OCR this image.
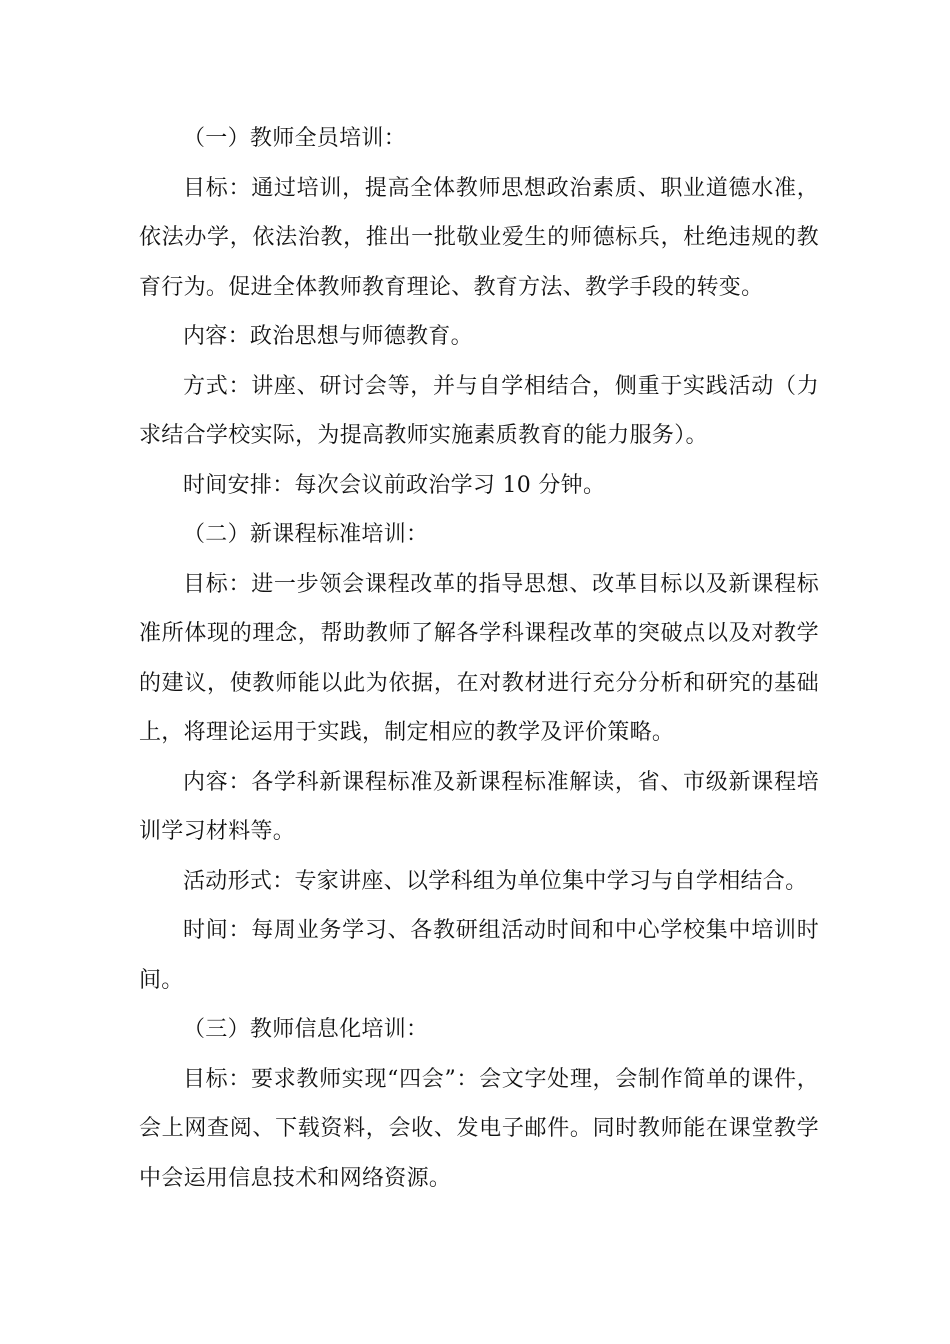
（一）教师全员培训：

目标：通过培训，提高全体教师思想政治素质、职业道德水准，依法办学，依法治教，推出一批敬业爱生的师德标兵，杜绝违规的教育行为。促进全体教师教育理论、教育方法、教学手段的转变。

内容：政治思想与师德教育。

方式：讲座、研讨会等，并与自学相结合，侧重于实践活动（力求结合学校实际，为提高教师实施素质教育的能力服务）。

时间安排：每次会议前政治学习 10 分钟。

（二）新课程标准培训：

目标：进一步领会课程改革的指导思想、改革目标以及新课程标准所体现的理念，帮助教师了解各学科课程改革的突破点以及对教学的建议，使教师能以此为依据，在对教材进行充分分析和研究的基础上，将理论运用于实践，制定相应的教学及评价策略。

内容：各学科新课程标准及新课程标准解读，省、市级新课程培训学习材料等。

活动形式：专家讲座、以学科组为单位集中学习与自学相结合。

时间：每周业务学习、各教研组活动时间和中心学校集中培训时间。

（三）教师信息化培训：

目标：要求教师实现“四会”：会文字处理，会制作简单的课件，会上网查阅、下载资料，会收、发电子邮件。同时教师能在课堂教学中会运用信息技术和网络资源。
